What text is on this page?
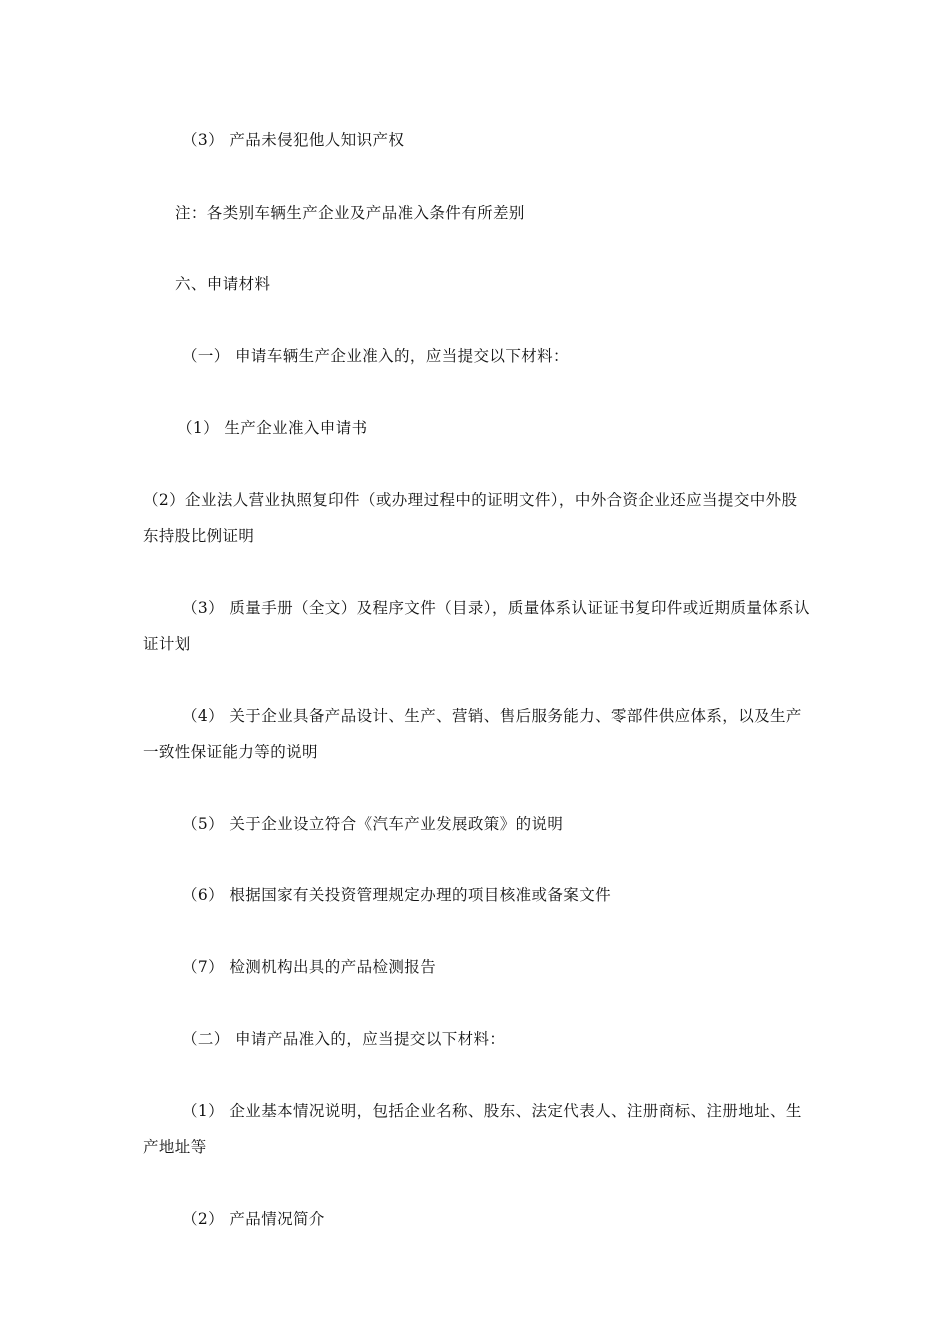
（3） 产品未侵犯他人知识产权

注：各类别车辆生产企业及产品准入条件有所差别

六、申请材料

（一） 申请车辆生产企业准入的，应当提交以下材料：

（1） 生产企业准入申请书

（2）企业法人营业执照复印件（或办理过程中的证明文件），中外合资企业还应当提交中外股东持股比例证明

（3） 质量手册（全文）及程序文件（目录），质量体系认证证书复印件或近期质量体系认证计划

（4） 关于企业具备产品设计、生产、营销、售后服务能力、零部件供应体系，以及生产一致性保证能力等的说明

（5） 关于企业设立符合《汽车产业发展政策》的说明

（6） 根据国家有关投资管理规定办理的项目核准或备案文件

（7） 检测机构出具的产品检测报告

（二） 申请产品准入的，应当提交以下材料：

（1） 企业基本情况说明，包括企业名称、股东、法定代表人、注册商标、注册地址、生产地址等

（2） 产品情况简介
